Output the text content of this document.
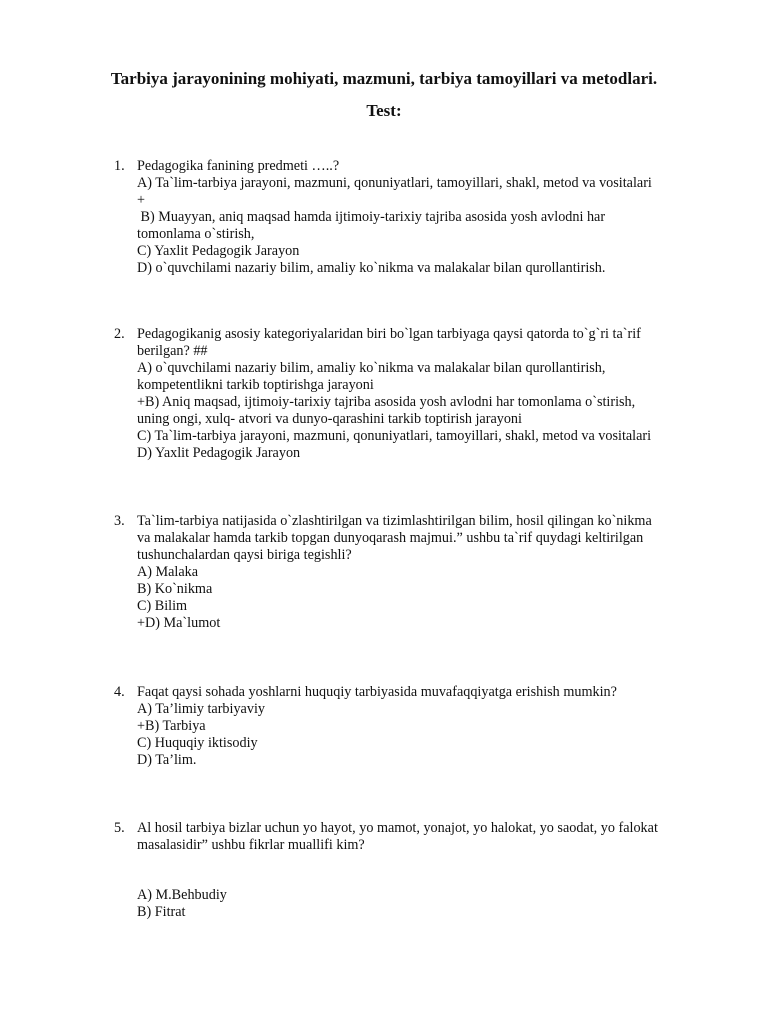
Tarbiya jarayonining mohiyati, mazmuni, tarbiya tamoyillari va metodlari.
Test:
1. Pedagogika fanining predmeti …..?
A) Ta`lim-tarbiya jarayoni, mazmuni, qonuniyatlari, tamoyillari, shakl, metod va vositalari
+
B) Muayyan, aniq maqsad hamda ijtimoiy-tarixiy tajriba asosida yosh avlodni har
tomonlama o`stirish,
C) Yaxlit Pedagogik Jarayon
D) o`quvchilami nazariy bilim, amaliy ko`nikma va malakalar bilan qurollantirish.
2. Pedagogikanig asosiy kategoriyalaridan biri bo`lgan tarbiyaga qaysi qatorda to`g`ri ta`rif
berilgan? ##
A) o`quvchilami nazariy bilim, amaliy ko`nikma va malakalar bilan qurollantirish,
kompetentlikni tarkib toptirishga jarayoni
+B) Aniq maqsad, ijtimoiy-tarixiy tajriba asosida yosh avlodni har tomonlama o`stirish,
uning ongi, xulq- atvori va dunyo-qarashini tarkib toptirish jarayoni
C) Ta`lim-tarbiya jarayoni, mazmuni, qonuniyatlari, tamoyillari, shakl, metod va vositalari
D) Yaxlit Pedagogik Jarayon
3. Ta`lim-tarbiya natijasida o`zlashtirilgan va tizimlashtirilgan bilim, hosil qilingan ko`nikma
va malakalar hamda tarkib topgan dunyoqarash majmui.” ushbu ta`rif quydagi keltirilgan
tushunchalardan qaysi biriga tegishli?
A) Malaka
B) Ko`nikma
C) Bilim
+D) Ma`lumot
4. Faqat qaysi sohada yoshlarni huquqiy tarbiyasida muvafaqqiyatga erishish mumkin?
A) Ta’limiy tarbiyaviy
+B) Tarbiya
C) Huquqiy iktisodiy
D) Ta’lim.
5. Al hosil tarbiya bizlar uchun yo hayot, yo mamot, yonajot, yo halokat, yo saodat, yo falokat
masalasidir” ushbu fikrlar muallifi kim?
A) M.Behbudiy
B) Fitrat
